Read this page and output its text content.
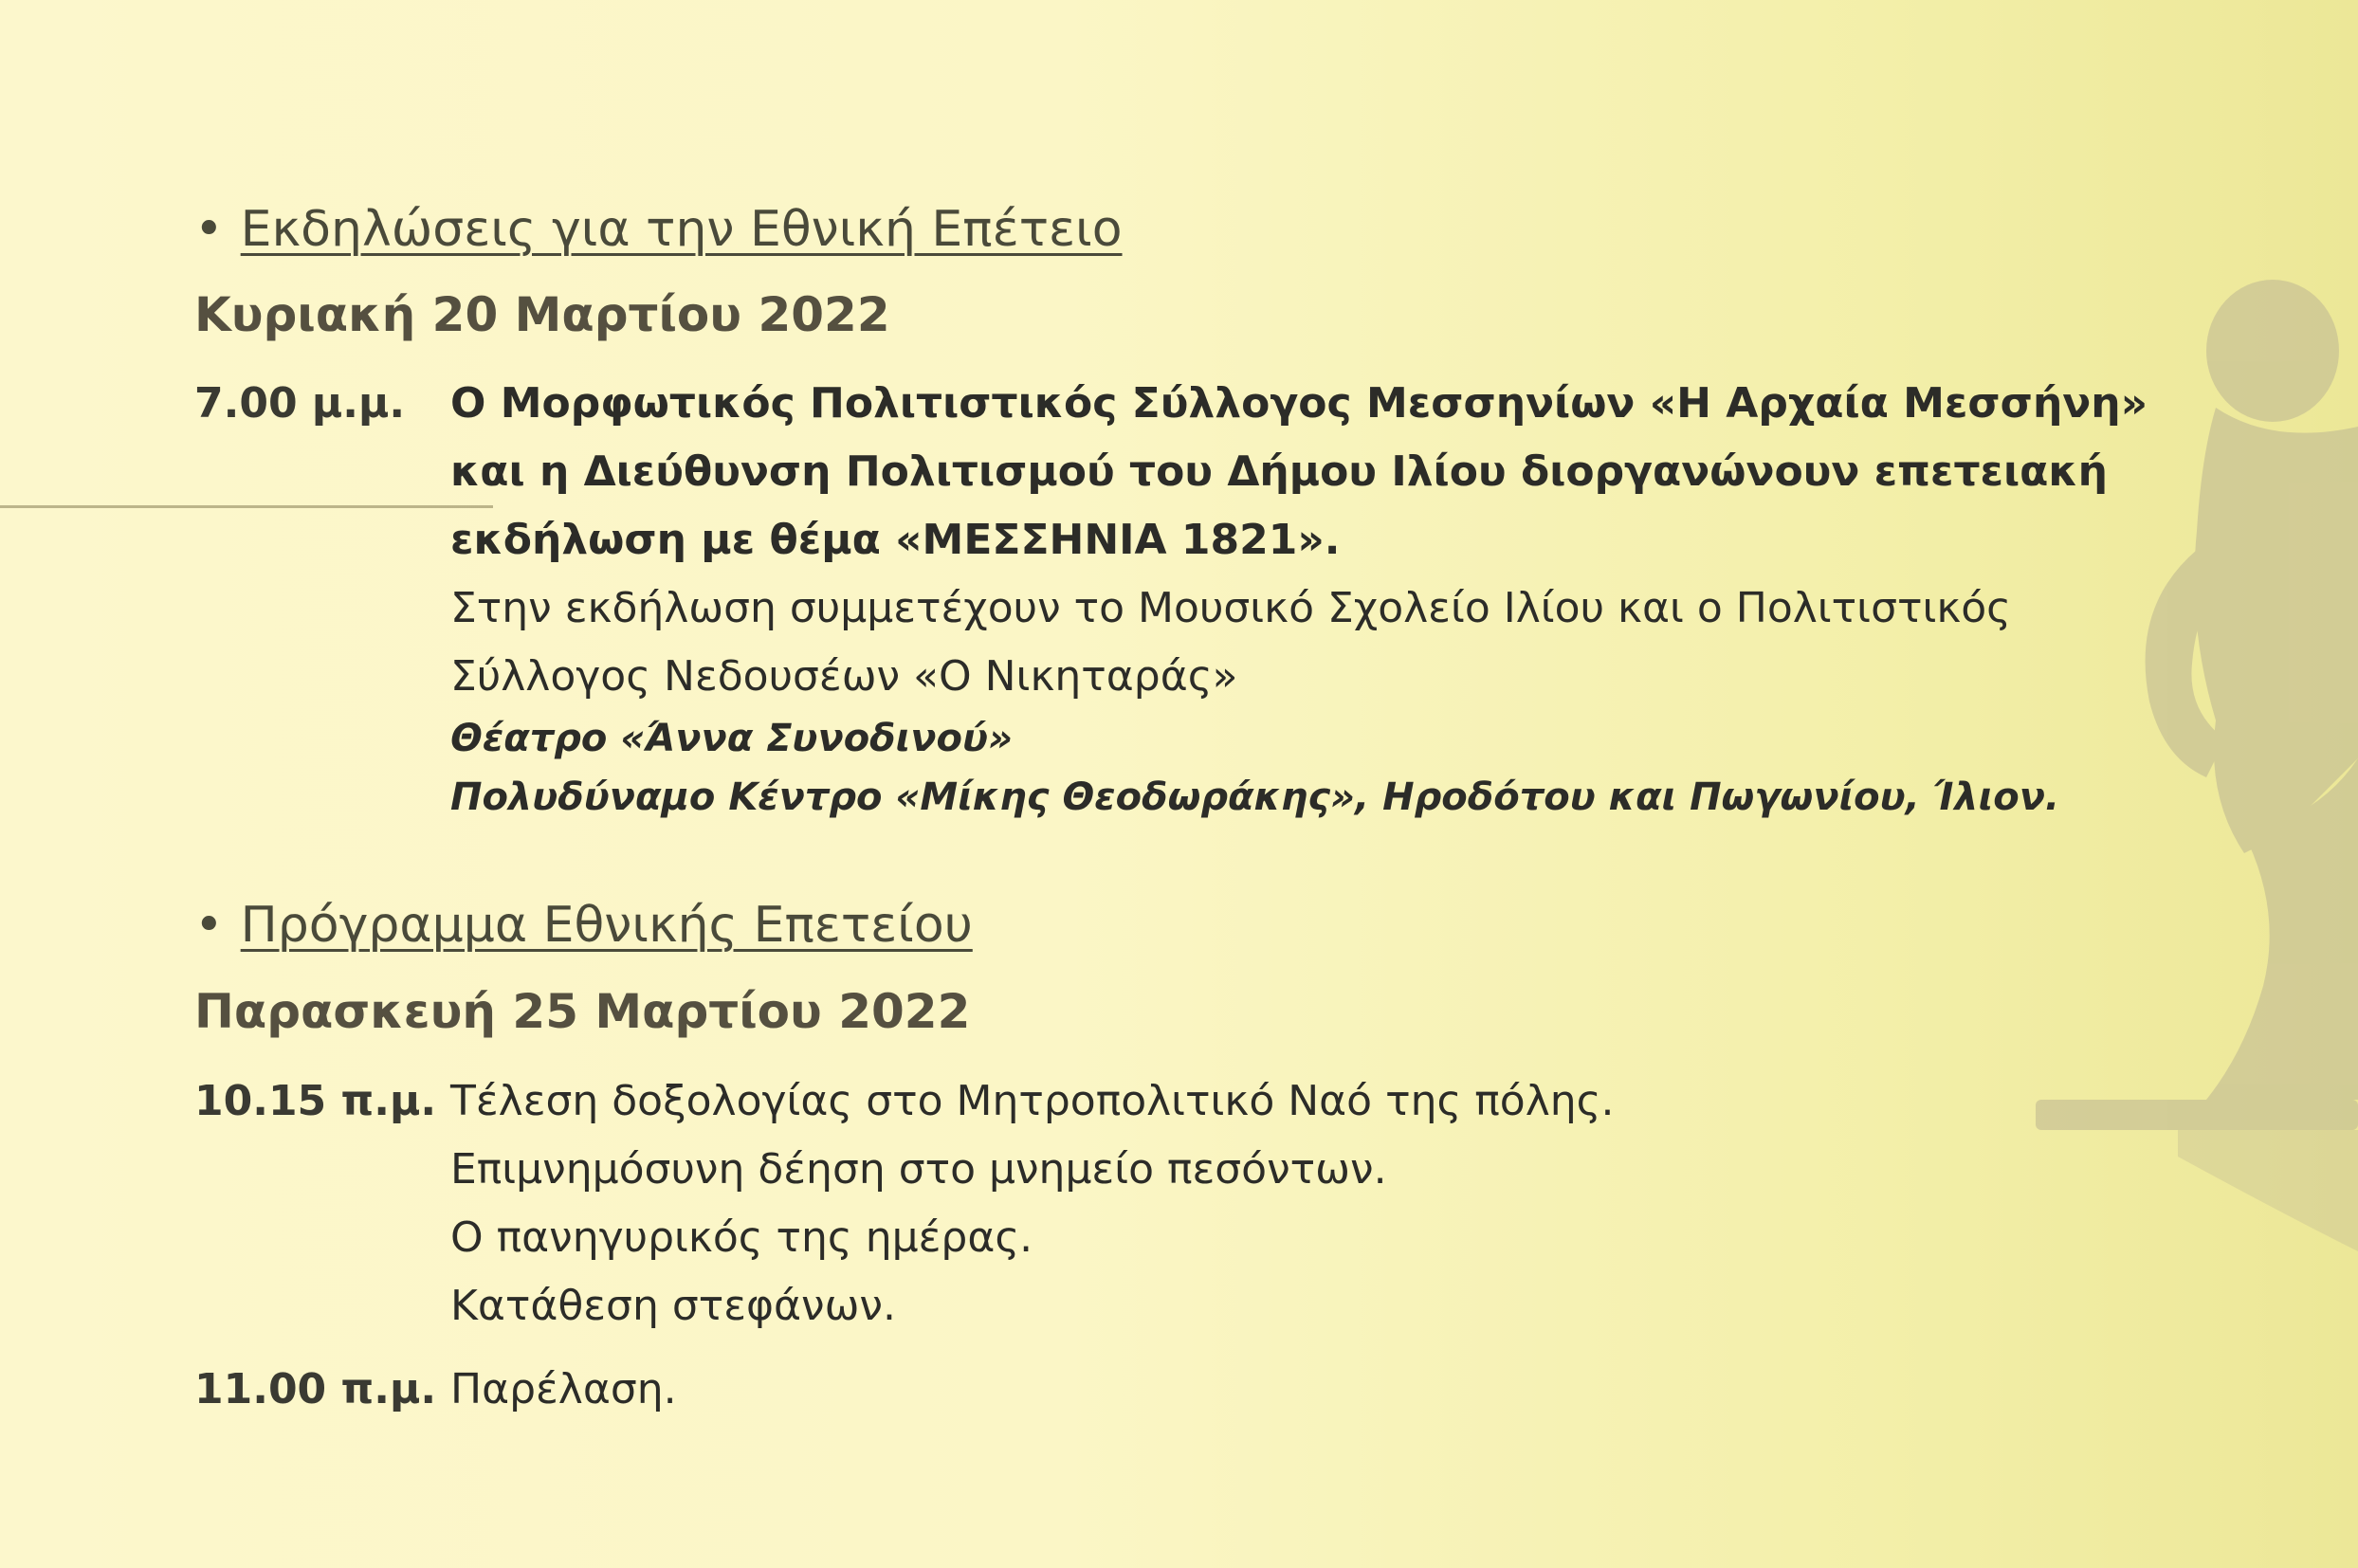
• Εκδηλώσεις για την Εθνική Επέτειο
Κυριακή 20 Μαρτίου 2022
7.00 μ.μ. Ο Μορφωτικός Πολιτιστικός Σύλλογος Μεσσηνίων «Η Αρχαία Μεσσήνη»
και η Διεύθυνση Πολιτισμού του Δήμου Ιλίου διοργανώνουν επετειακή
εκδήλωση με θέμα «ΜΕΣΣΗΝΙΑ 1821».
Στην εκδήλωση συμμετέχουν το Μουσικό Σχολείο Ιλίου και ο Πολιτιστικός
Σύλλογος Νεδουσέων «Ο Νικηταράς»
Θέατρο «Άννα Συνοδινού»
Πολυδύναμο Κέντρο «Μίκης Θεοδωράκης», Ηροδότου και Πωγωνίου, Ίλιον.
• Πρόγραμμα Εθνικής Επετείου
Παρασκευή 25 Μαρτίου 2022
10.15 π.μ. Τέλεση δοξολογίας στο Μητροπολιτικό Ναό της πόλης.
Επιμνημόσυνη δέηση στο μνημείο πεσόντων.
Ο πανηγυρικός της ημέρας.
Κατάθεση στεφάνων.
11.00 π.μ. Παρέλαση.
